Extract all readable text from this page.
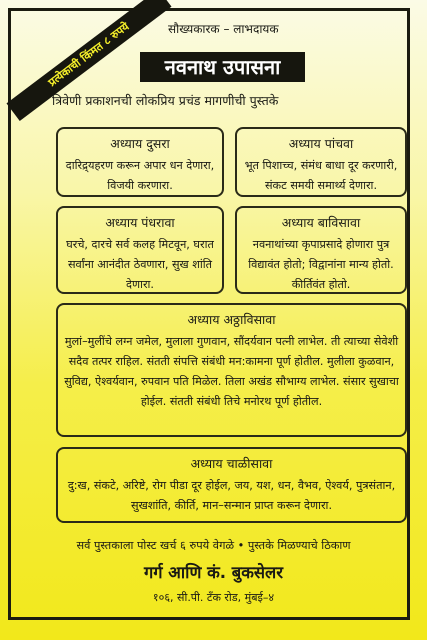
प्रत्येकाची किंमत ८ रुपये	सौख्यकारक – लाभदायक
नवनाथ उपासना
त्रिवेणी प्रकाशनची लोकप्रिय प्रचंड मागणीची पुस्तके
अध्याय दुसरा
दारिद्र्यहरण करून अपार धन देणारा, विजयी करणारा.
अध्याय पांचवा
भूत पिशाच्च, संमंध बाधा दूर करणारी, संकट समयी समार्थ्य देणारा.
अध्याय पंधरावा
घरचे, दारचे सर्व कलह मिटवून, घरात सर्वांना आनंदीत ठेवणारा, सुख शांति देणारा.
अध्याय बाविसावा
नवनाथांच्या कृपाप्रसादे होणारा पुत्र विद्यावंत होतो; विद्वानांना मान्य होतो. कीर्तिवंत होतो.
अध्याय अठ्ठाविसावा
मुलां–मुलींचे लग्न जमेल, मुलाला गुणवान, सौंदर्यवान पत्नी लाभेल. ती त्याच्या सेवेशी सदैव तत्पर राहिल. संतती संपत्ति संबंधी मन:कामना पूर्ण होतील. मुलीला कुळवान, सुविद्य, ऐश्वर्यवान, रुपवान पति मिळेल. तिला अखंड सौभाग्य लाभेल. संसार सुखाचा होईल. संतती संबंधी तिचे मनोरथ पूर्ण होतील.
अध्याय चाळीसावा
दु:ख, संकटे, अरिष्टे, रोग पीडा दूर होईल, जय, यश, धन, वैभव, ऐश्वर्य, पुत्रसंतान, सुखशांति, कीर्ति, मान–सन्मान प्राप्त करून देणारा.
सर्व पुस्तकाला पोस्ट खर्च ६ रुपये वेगळे • पुस्तके मिळण्याचे ठिकाण
गर्ग आणि कं. बुकसेलर
१०६, सी.पी. टँक रोड, मुंबई–४
